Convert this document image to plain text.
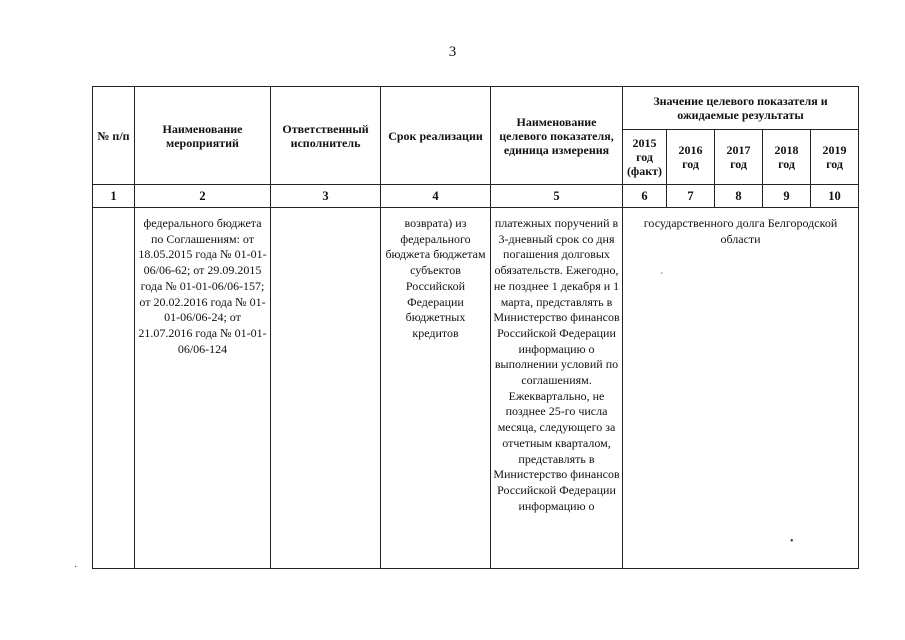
3
№ п/п	Наименование мероприятий	Ответственный исполнитель	Срок реализации	Наименование целевого показателя, единица измерения	Значение целевого показателя и ожидаемые результаты				
					2015 год (факт)	2016 год	2017 год	2018 год	2019 год
1	2	3	4	5	6	7	8	9	10
	федерального бюджета по Соглашениям: от 18.05.2015 года № 01-01-06/06-62; от 29.09.2015 года № 01-01-06/06-157; от 20.02.2016 года № 01-01-06/06-24; от 21.07.2016 года № 01-01-06/06-124		возврата) из федерального бюджета бюджетам субъектов Российской Федерации бюджетных кредитов	платежных поручений в 3-дневный срок со дня погашения долговых обязательств. Ежегодно, не позднее 1 декабря и 1 марта, представлять в Министерство финансов Российской Федерации информацию о выполнении условий по соглашениям. Ежеквартально, не позднее 25-го числа месяца, следующего за отчетным кварталом, представлять в Министерство финансов Российской Федерации информацию о	государственного долга Белгородской области				
ˊ
•
·
